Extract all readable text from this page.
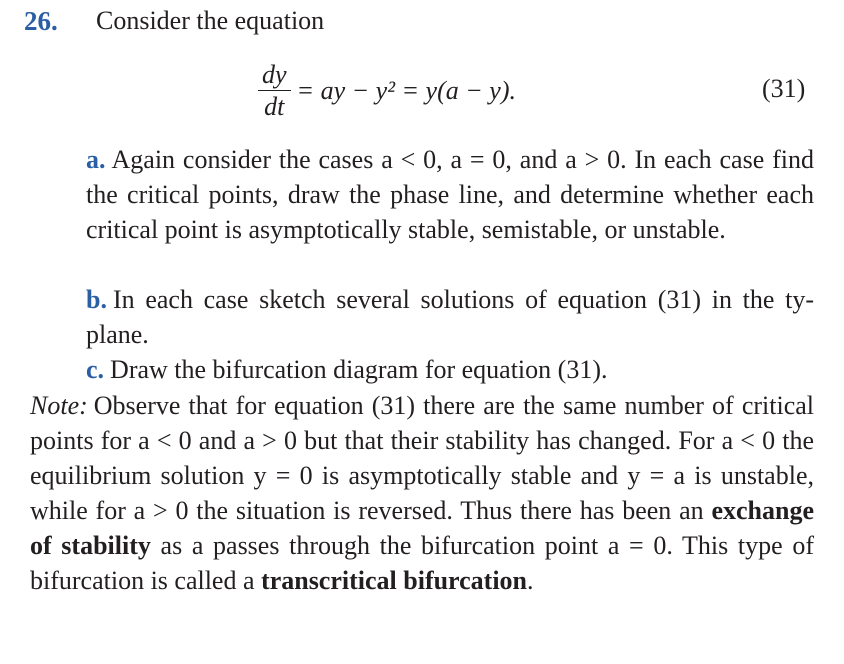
26. Consider the equation
$\frac{dy}{dt}$ = ay − y² = y(a − y).	(31)

a. Again consider the cases a < 0, a = 0, and a > 0. In each case find the critical points, draw the phase line, and determine whether each critical point is asymptotically stable, semistable, or unstable.

b. In each case sketch several solutions of equation (31) in the ty-plane.

c. Draw the bifurcation diagram for equation (31).

Note: Observe that for equation (31) there are the same number of critical points for a < 0 and a > 0 but that their stability has changed. For a < 0 the equilibrium solution y = 0 is asymptotically stable and y = a is unstable, while for a > 0 the situation is reversed. Thus there has been an exchange of stability as a passes through the bifurcation point a = 0. This type of bifurcation is called a transcritical bifurcation.
